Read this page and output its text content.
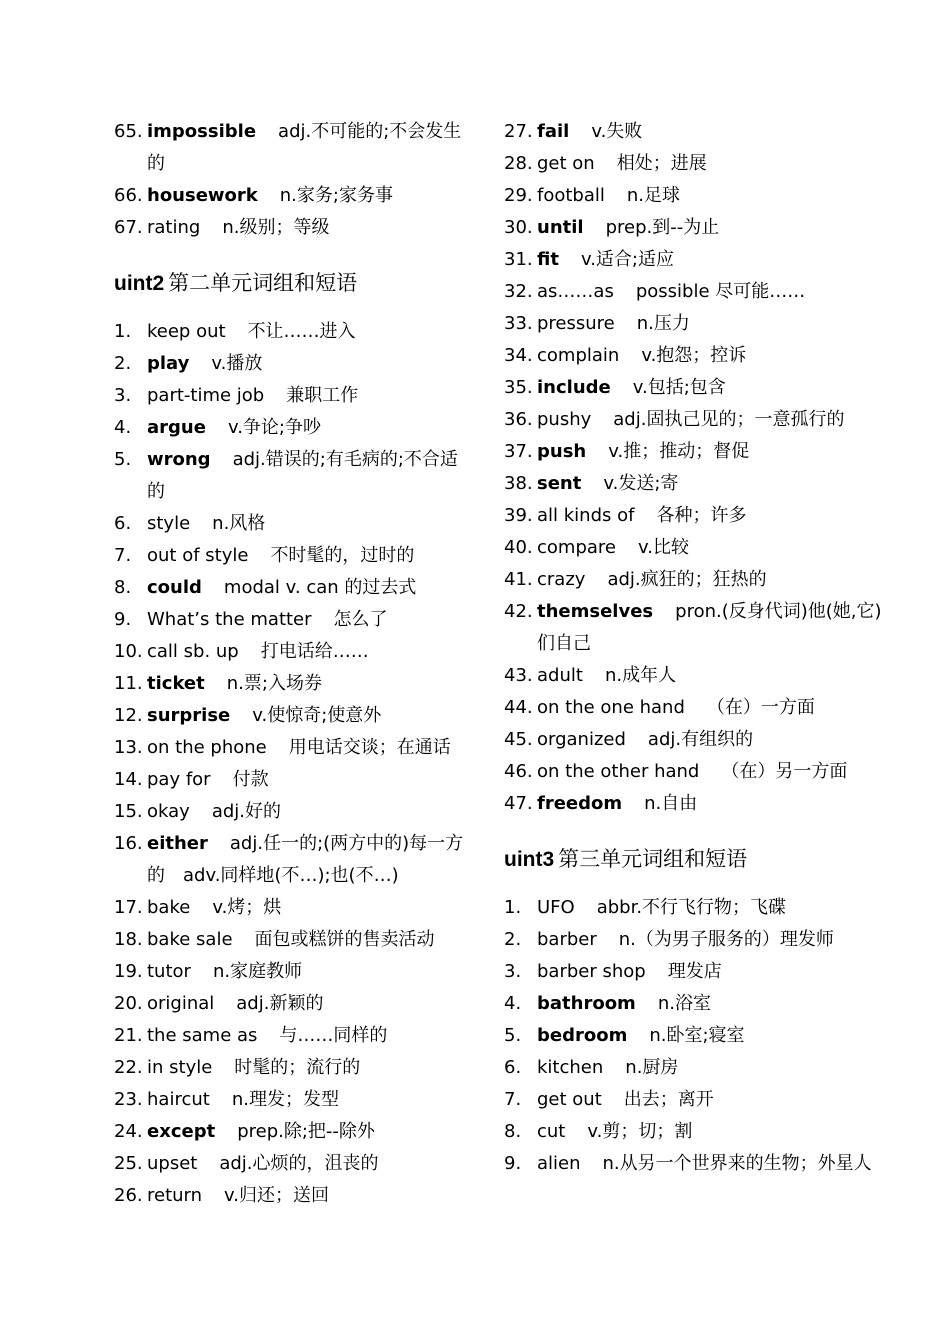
65. impossible adj.不可能的;不会发生的
66. housework n.家务;家务事
67. rating n.级别；等级
uint2 第二单元词组和短语
1. keep out 不让……进入
2. play v.播放
3. part-time job 兼职工作
4. argue v.争论;争吵
5. wrong adj.错误的;有毛病的;不合适的
6. style n.风格
7. out of style 不时髦的，过时的
8. could modal v. can 的过去式
9. What’s the matter 怎么了
10. call sb. up 打电话给……
11. ticket n.票;入场券
12. surprise v.使惊奇;使意外
13. on the phone 用电话交谈；在通话
14. pay for 付款
15. okay adj.好的
16. either adj.任一的;(两方中的)每一方的　adv.同样地(不…);也(不…)
17. bake v.烤；烘
18. bake sale 面包或糕饼的售卖活动
19. tutor n.家庭教师
20. original adj.新颖的
21. the same as 与……同样的
22. in style 时髦的；流行的
23. haircut n.理发；发型
24. except prep.除;把--除外
25. upset adj.心烦的，沮丧的
26. return v.归还；送回
27. fail v.失败
28. get on 相处；进展
29. football n.足球
30. until prep.到--为止
31. fit v.适合;适应
32. as……as possible 尽可能……
33. pressure n.压力
34. complain v.抱怨；控诉
35. include v.包括;包含
36. pushy adj.固执己见的；一意孤行的
37. push v.推；推动；督促
38. sent v.发送;寄
39. all kinds of 各种；许多
40. compare v.比较
41. crazy adj.疯狂的；狂热的
42. themselves pron.(反身代词)他(她,它)们自己
43. adult n.成年人
44. on the one hand （在）一方面
45. organized adj.有组织的
46. on the other hand （在）另一方面
47. freedom n.自由
uint3 第三单元词组和短语
1. UFO abbr.不行飞行物；飞碟
2. barber n.（为男子服务的）理发师
3. barber shop 理发店
4. bathroom n.浴室
5. bedroom n.卧室;寝室
6. kitchen n.厨房
7. get out 出去；离开
8. cut v.剪；切；割
9. alien n.从另一个世界来的生物；外星人
